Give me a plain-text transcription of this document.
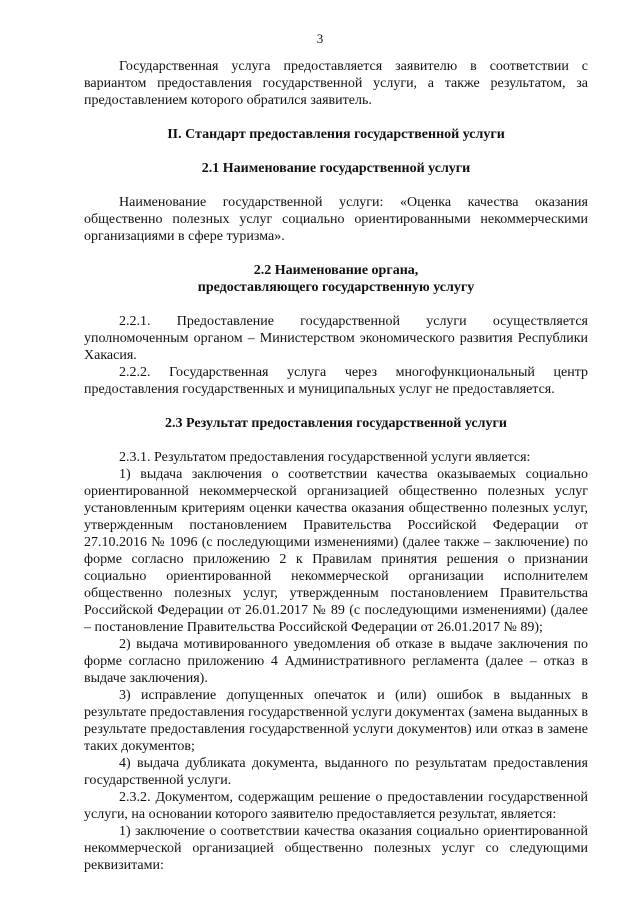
3

Государственная услуга предоставляется заявителю в соответствии с вариантом предоставления государственной услуги, а также результатом, за предоставлением которого обратился заявитель.

II. Стандарт предоставления государственной услуги
2.1 Наименование государственной услуги

Наименование государственной услуги: «Оценка качества оказания общественно полезных услуг социально ориентированными некоммерческими организациями в сфере туризма».

2.2 Наименование органа,
предоставляющего государственную услугу

2.2.1. Предоставление государственной услуги осуществляется уполномоченным органом – Министерством экономического развития Республики Хакасия.

2.2.2. Государственная услуга через многофункциональный центр предоставления государственных и муниципальных услуг не предоставляется.

2.3 Результат предоставления государственной услуги

2.3.1. Результатом предоставления государственной услуги является:

1) выдача заключения о соответствии качества оказываемых социально ориентированной некоммерческой организацией общественно полезных услуг установленным критериям оценки качества оказания общественно полезных услуг, утвержденным постановлением Правительства Российской Федерации от 27.10.2016 № 1096 (с последующими изменениями) (далее также – заключение) по форме согласно приложению 2 к Правилам принятия решения о признании социально ориентированной некоммерческой организации исполнителем общественно полезных услуг, утвержденным постановлением Правительства Российской Федерации от 26.01.2017 № 89 (с последующими изменениями) (далее – постановление Правительства Российской Федерации от 26.01.2017 № 89);

2) выдача мотивированного уведомления об отказе в выдаче заключения по форме согласно приложению 4 Административного регламента (далее – отказ в выдаче заключения).

3) исправление допущенных опечаток и (или) ошибок в выданных в результате предоставления государственной услуги документах (замена выданных в результате предоставления государственной услуги документов) или отказ в замене таких документов;

4) выдача дубликата документа, выданного по результатам предоставления государственной услуги.

2.3.2. Документом, содержащим решение о предоставлении государственной услуги, на основании которого заявителю предоставляется результат, является:

1) заключение о соответствии качества оказания социально ориентированной некоммерческой организацией общественно полезных услуг со следующими реквизитами:
